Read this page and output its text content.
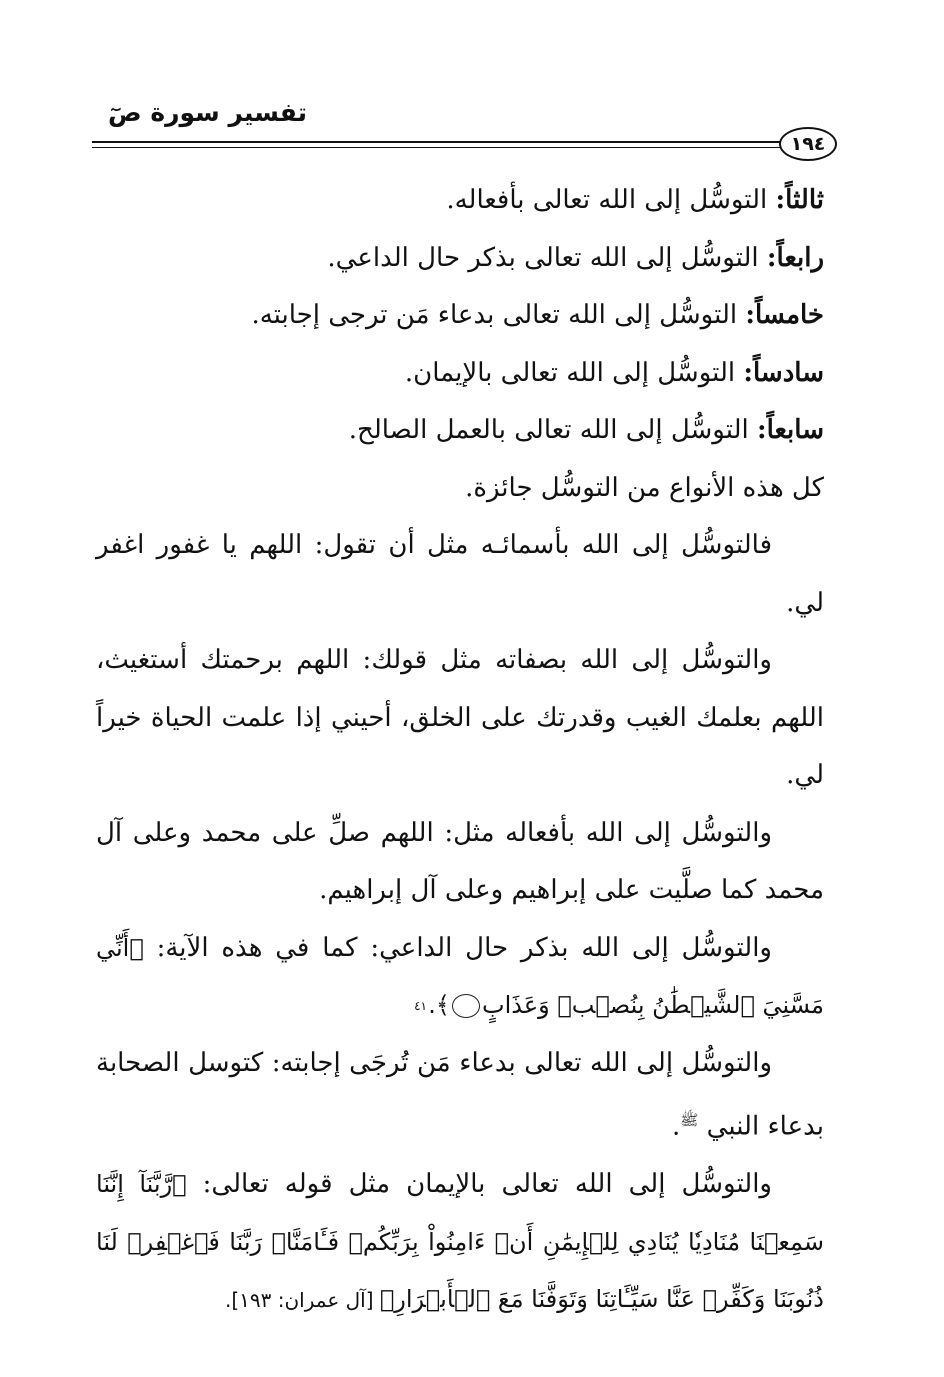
تفسير سورة صٓ
١٩٤

ثالثاً: التوسُّل إلى الله تعالى بأفعاله.

رابعاً: التوسُّل إلى الله تعالى بذكر حال الداعي.

خامساً: التوسُّل إلى الله تعالى بدعاء مَن ترجى إجابته.

سادساً: التوسُّل إلى الله تعالى بالإيمان.

سابعاً: التوسُّل إلى الله تعالى بالعمل الصالح.

كل هذه الأنواع من التوسُّل جائزة.

فالتوسُّل إلى الله بأسمائـه مثل أن تقول: اللهم يا غفور اغفر لي.

والتوسُّل إلى الله بصفاته مثل قولك: اللهم برحمتك أستغيث، اللهم بعلمك الغيب وقدرتك على الخلق، أحيني إذا علمت الحياة خيراً لي.

والتوسُّل إلى الله بأفعاله مثل: اللهم صلِّ على محمد وعلى آل محمد كما صلَّيت على إبراهيم وعلى آل إبراهيم.

والتوسُّل إلى الله بذكر حال الداعي: كما في هذه الآية: ﴿أَنِّي مَسَّنِيَ ٱلشَّيۡطَٰنُ بِنُصۡبٖ وَعَذَابٍ٤١﴾.

والتوسُّل إلى الله تعالى بدعاء مَن تُرجَى إجابته: كتوسل الصحابة بدعاء النبي $^ﷺ$.

والتوسُّل إلى الله تعالى بالإيمان مثل قوله تعالى: ﴿رَّبَّنَآ إِنَّنَا سَمِعۡنَا مُنَادِيٗا يُنَادِي لِلۡإِيمَٰنِ أَنۡ ءَامِنُواْ بِرَبِّكُمۡ فَـَٔامَنَّاۚ رَبَّنَا فَٱغۡفِرۡ لَنَا ذُنُوبَنَا وَكَفِّرۡ عَنَّا سَيِّـَٔاتِنَا وَتَوَفَّنَا مَعَ ٱلۡأَبۡرَارِ﴾ [آل عمران: ١٩٣].
